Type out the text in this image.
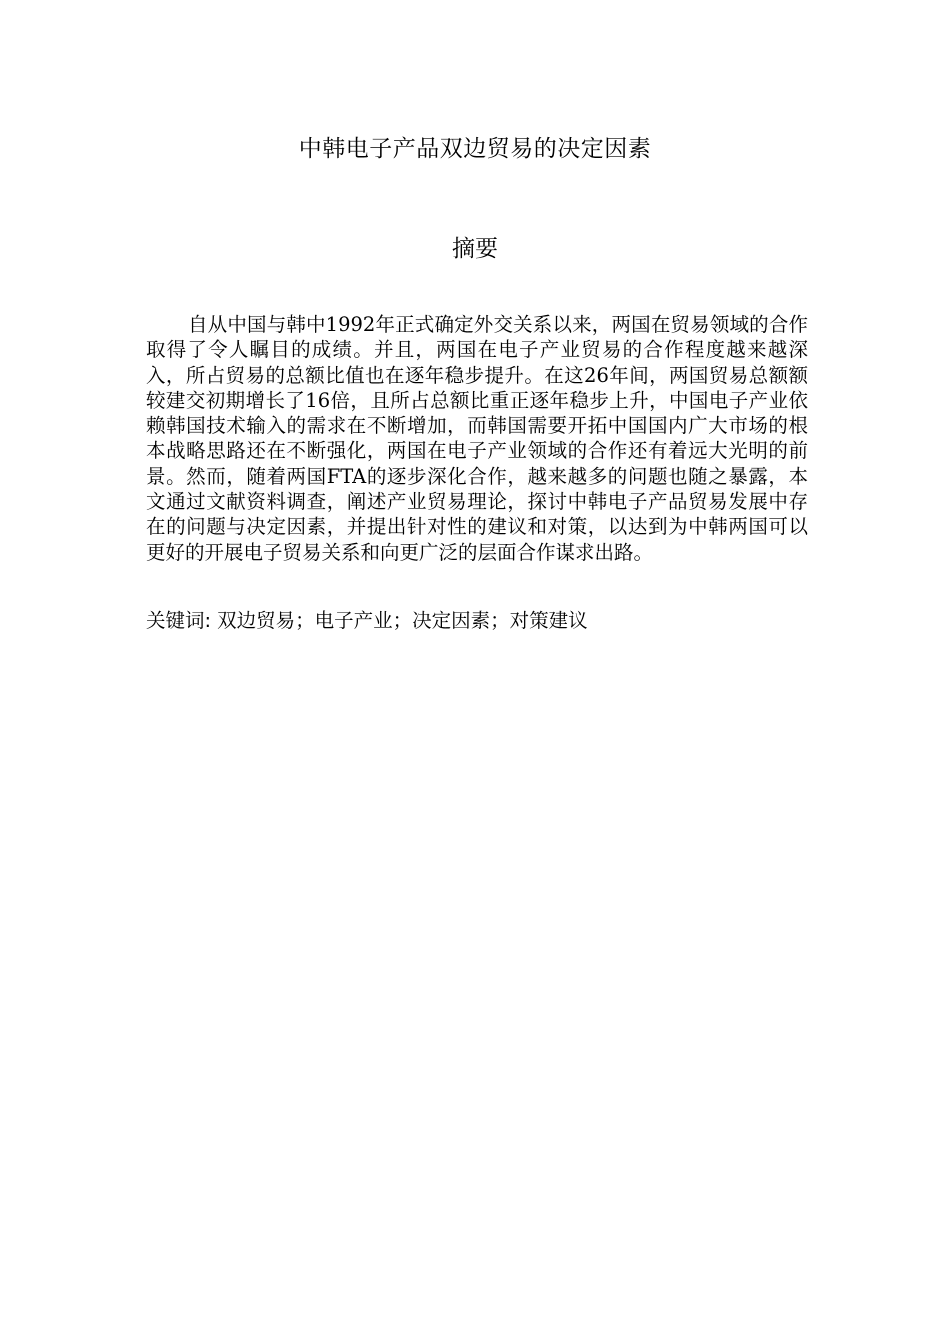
中韩电子产品双边贸易的决定因素
摘要

自从中国与韩中1992年正式确定外交关系以来，两国在贸易领域的合作取得了令人瞩目的成绩。并且，两国在电子产业贸易的合作程度越来越深入，所占贸易的总额比值也在逐年稳步提升。在这26年间，两国贸易总额额较建交初期增长了16倍，且所占总额比重正逐年稳步上升，中国电子产业依赖韩国技术输入的需求在不断增加，而韩国需要开拓中国国内广大市场的根本战略思路还在不断强化，两国在电子产业领域的合作还有着远大光明的前景。然而，随着两国FTA的逐步深化合作，越来越多的问题也随之暴露，本文通过文献资料调查，阐述产业贸易理论，探讨中韩电子产品贸易发展中存在的问题与决定因素，并提出针对性的建议和对策，以达到为中韩两国可以更好的开展电子贸易关系和向更广泛的层面合作谋求出路。

关键词: 双边贸易；电子产业；决定因素；对策建议
